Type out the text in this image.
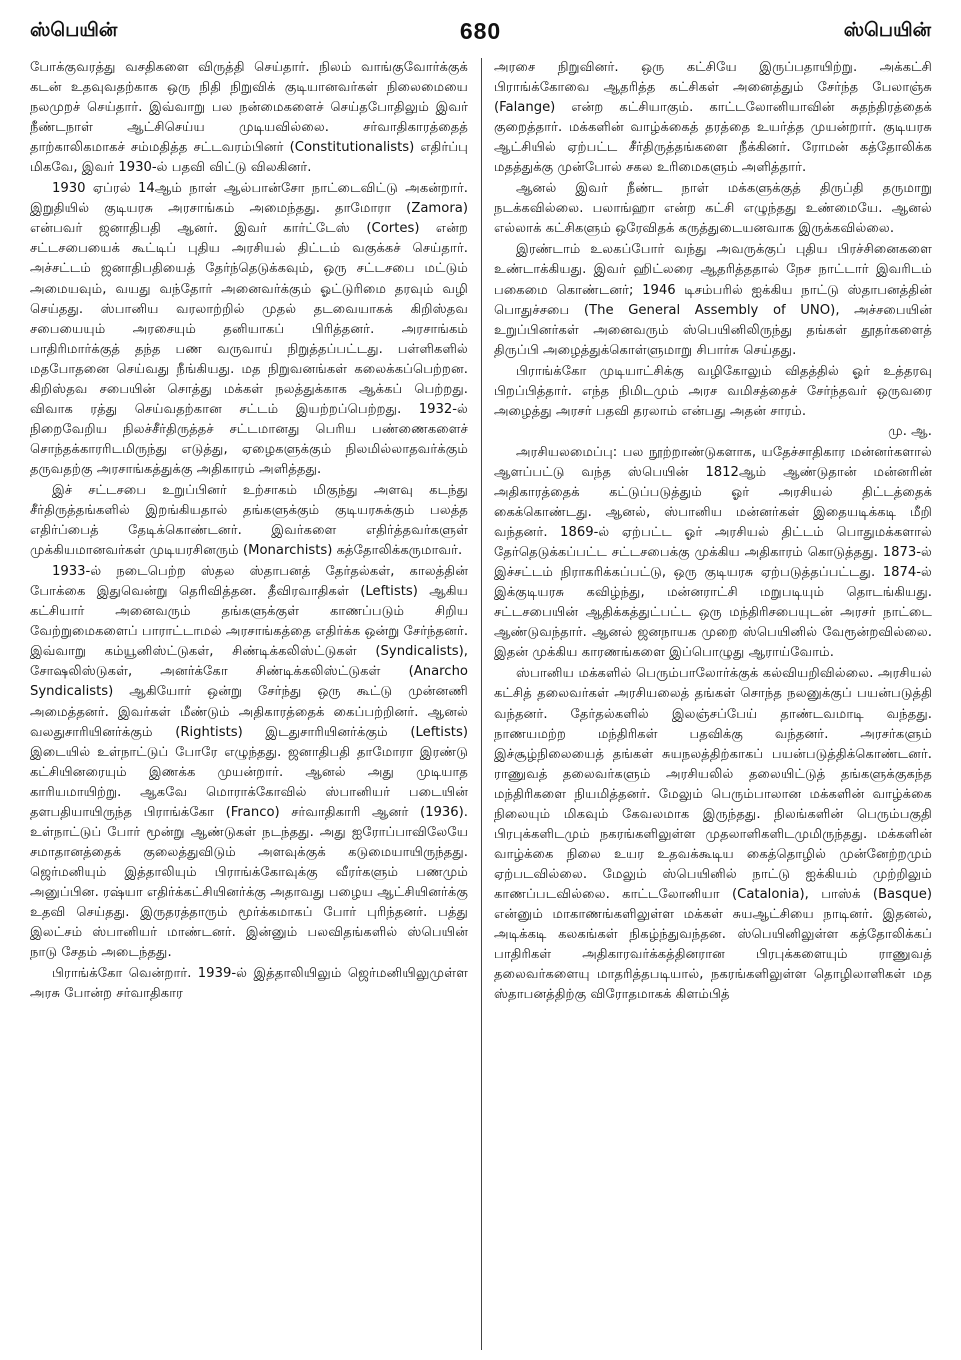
ஸ்பெயின்	680	ஸ்பெயின்

போக்குவரத்து வசதிகளை விருத்தி செய்தார். நிலம் வாங்குவோர்க்குக் கடன் உதவுவதற்காக ஒரு நிதி நிறுவிக் குடியானவர்கள் நிலைமையை நலமுறச் செய்தார். இவ்வாறு பல நன்மைகளைச் செய்தபோதிலும் இவர் நீண்டநாள் ஆட்சிசெய்ய முடியவில்லை. சர்வாதிகாரத்தைத் தாற்காலிகமாகச் சம்மதித்த சட்டவரம்பினர் (Constitutionalists) எதிர்ப்பு மிகவே, இவர் 1930-ல் பதவி விட்டு விலகினர்.

1930 ஏப்ரல் 14ஆம் நாள் ஆல்பான்சோ நாட்டைவிட்டு அகன்றார். இறுதியில் குடியரசு அரசாங்கம் அமைந்தது. தாமோரா (Zamora) என்பவர் ஜனாதிபதி ஆனர். இவர் கார்ட்டேஸ் (Cortes) என்ற சட்டசபையைக் கூட்டிப் புதிய அரசியல் திட்டம் வகுக்கச் செய்தார். அச்சட்டம் ஜனாதிபதியைத் தேர்ந்தெடுக்கவும், ஒரு சட்டசபை மட்டும் அமையவும், வயது வந்தோர் அனைவர்க்கும் ஓட்டுரிமை தரவும் வழி செய்தது. ஸ்பானிய வரலாற்றில் முதல் தடவையாகக் கிறிஸ்தவ சபையையும் அரசையும் தனியாகப் பிரித்தனர். அரசாங்கம் பாதிரிமார்க்குத் தந்த பண வருவாய் நிறுத்தப்பட்டது. பள்ளிகளில் மதபோதனை செய்வது நீங்கியது. மத நிறுவனங்கள் கலைக்கப்பெற்றன. கிறிஸ்தவ சபையின் சொத்து மக்கள் நலத்துக்காக ஆக்கப் பெற்றது. விவாக ரத்து செய்வதற்கான சட்டம் இயற்றப்பெற்றது. 1932-ல் நிறைவேறிய நிலச்சீர்திருத்தச் சட்டமானது பெரிய பண்ணைகளைச் சொந்தக்காரரிடமிருந்து எடுத்து, ஏழைகளுக்கும் நிலமில்லாதவர்க்கும் தருவதற்கு அரசாங்கத்துக்கு அதிகாரம் அளித்தது.

இச் சட்டசபை உறுப்பினர் உற்சாகம் மிகுந்து அளவு கடந்து சீர்திருத்தங்களில் இறங்கியதால் தங்களுக்கும் குடியரசுக்கும் பலத்த எதிர்ப்பைத் தேடிக்கொண்டனர். இவர்களை எதிர்த்தவர்களுள் முக்கியமானவர்கள் முடியரசினரும் (Monarchists) கத்தோலிக்கருமாவர்.

1933-ல் நடைபெற்ற ஸ்தல ஸ்தாபனத் தேர்தல்கள், காலத்தின் போக்கை இதுவென்று தெரிவித்தன. தீவிரவாதிகள் (Leftists) ஆகிய கட்சியார் அனைவரும் தங்களுக்குள் காணப்படும் சிறிய வேற்றுமைகளைப் பாராட்டாமல் அரசாங்கத்தை எதிர்க்க ஒன்று சேர்ந்தனர். இவ்வாறு கம்யூனிஸ்ட்டுகள், சிண்டிக்கலிஸ்ட்டுகள் (Syndicalists), சோஷலிஸ்டுகள், அனர்க்கோ சிண்டிக்கலிஸ்ட்டுகள் (Anarcho Syndicalists) ஆகியோர் ஒன்று சேர்ந்து ஒரு கூட்டு முன்னணி அமைத்தனர். இவர்கள் மீண்டும் அதிகாரத்தைக் கைப்பற்றினர். ஆனல் வலதுசாரியினர்க்கும் (Rightists) இடதுசாரியினர்க்கும் (Leftists) இடையில் உள்நாட்டுப் போரே எழுந்தது. ஜனாதிபதி தாமோரா இரண்டு கட்சியினரையும் இணக்க முயன்றார். ஆனல் அது முடியாத காரியமாயிற்று. ஆகவே மொராக்கோவில் ஸ்பானியர் படையின் தளபதியாயிருந்த பிராங்க்கோ (Franco) சர்வாதிகாரி ஆனர் (1936). உள்நாட்டுப் போர் மூன்று ஆண்டுகள் நடந்தது. அது ஐரோப்பாவிலேயே சமாதானத்தைக் குலைத்துவிடும் அளவுக்குக் கடுமையாயிருந்தது. ஜெர்மனியும் இத்தாலியும் பிராங்க்கோவுக்கு வீரர்களும் பணமும் அனுப்பின. ரஷ்யா எதிர்க்கட்சியினர்க்கு அதாவது பழைய ஆட்சியினர்க்கு உதவி செய்தது. இருதரத்தாரும் மூர்க்கமாகப் போர் புரிந்தனர். பத்து இலட்சம் ஸ்பானியர் மாண்டனர். இன்னும் பலவிதங்களில் ஸ்பெயின் நாடு சேதம் அடைந்தது.

பிராங்க்கோ வென்றார். 1939-ல் இத்தாலியிலும் ஜெர்மனியிலுமுள்ள அரசு போன்ற சர்வாதிகார

அரசை நிறுவினர். ஒரு கட்சியே இருப்பதாயிற்று. அக்கட்சி பிராங்க்கோவை ஆதரித்த கட்சிகள் அனைத்தும் சேர்ந்த பேலாஞ்சு (Falange) என்ற கட்சியாகும். காட்டலோனியாவின் சுதந்திரத்தைக் குறைத்தார். மக்களின் வாழ்க்கைத் தரத்தை உயர்த்த முயன்றார். குடியரசு ஆட்சியில் ஏற்பட்ட சீர்திருத்தங்களை நீக்கினர். ரோமன் கத்தோலிக்க மதத்துக்கு முன்போல் சகல உரிமைகளும் அளித்தார்.

ஆனல் இவர் நீண்ட நாள் மக்களுக்குத் திருப்தி தருமாறு நடக்கவில்லை. பலாங்ஹா என்ற கட்சி எழுந்தது உண்மையே. ஆனல் எல்லாக் கட்சிகளும் ஒரேவிதக் கருத்துடையனவாக இருக்கவில்லை.

இரண்டாம் உலகப்போர் வந்து அவருக்குப் புதிய பிரச்சினைகளை உண்டாக்கியது. இவர் ஹிட்லரை ஆதரித்ததால் நேச நாட்டார் இவரிடம் பகைமை கொண்டனர்; 1946 டிசம்பரில் ஐக்கிய நாட்டு ஸ்தாபனத்தின் பொதுச்சபை (The General Assembly of UNO), அச்சபையின் உறுப்பினர்கள் அனைவரும் ஸ்பெயினிலிருந்து தங்கள் தூதர்களைத் திருப்பி அழைத்துக்கொள்ளுமாறு சிபார்சு செய்தது.

பிராங்க்கோ முடியாட்சிக்கு வழிகோலும் விதத்தில் ஓர் உத்தரவு பிறப்பித்தார். எந்த நிமிடமும் அரச வமிசத்தைச் சேர்ந்தவர் ஒருவரை அழைத்து அரசர் பதவி தரலாம் என்பது அதன் சாரம்.
மு. ஆ.

அரசியலமைப்பு: பல நூற்றாண்டுகளாக, யதேச்சாதிகார மன்னர்களால் ஆளப்பட்டு வந்த ஸ்பெயின் 1812ஆம் ஆண்டுதான் மன்னரின் அதிகாரத்தைக் கட்டுப்படுத்தும் ஓர் அரசியல் திட்டத்தைக் கைக்கொண்டது. ஆனல், ஸ்பானிய மன்னர்கள் இதையடிக்கடி மீறி வந்தனர். 1869-ல் ஏற்பட்ட ஓர் அரசியல் திட்டம் பொதுமக்களால் தேர்தெடுக்கப்பட்ட சட்டசபைக்கு முக்கிய அதிகாரம் கொடுத்தது. 1873-ல் இச்சட்டம் நிராகரிக்கப்பட்டு, ஒரு குடியரசு ஏற்படுத்தப்பட்டது. 1874-ல் இக்குடியரசு கவிழ்ந்து, மன்னராட்சி மறுபடியும் தொடங்கியது. சட்டசபையின் ஆதிக்கத்துட்பட்ட ஒரு மந்திரிசபையுடன் அரசர் நாட்டை ஆண்டுவந்தார். ஆனல் ஜனநாயக முறை ஸ்பெயினில் வேரூன்றவில்லை. இதன் முக்கிய காரணங்களை இப்பொழுது ஆராய்வோம்.

ஸ்பானிய மக்களில் பெரும்பாலோர்க்குக் கல்வியறிவில்லை. அரசியல் கட்சித் தலைவர்கள் அரசியலைத் தங்கள் சொந்த நலனுக்குப் பயன்படுத்தி வந்தனர். தேர்தல்களில் இலஞ்சப்பேய் தாண்டவமாடி வந்தது. நாணயமற்ற மந்திரிகள் பதவிக்கு வந்தனர். அரசர்களும் இச்சூழ்நிலையைத் தங்கள் சுயநலத்திற்காகப் பயன்படுத்திக்கொண்டனர். ராணுவத் தலைவர்களும் அரசியலில் தலையிட்டுத் தங்களுக்குகந்த மந்திரிகளை நியமித்தனர். மேலும் பெரும்பாலான மக்களின் வாழ்க்கை நிலையும் மிகவும் கேவலமாக இருந்தது. நிலங்களின் பெரும்பகுதி பிரபுக்களிடமும் நகரங்களிலுள்ள முதலாளிகளிடமுமிருந்தது. மக்களின் வாழ்க்கை நிலை உயர உதவக்கூடிய கைத்தொழில் முன்னேற்றமும் ஏற்படவில்லை. மேலும் ஸ்பெயினில் நாட்டு ஐக்கியம் முற்றிலும் காணப்படவில்லை. காட்டலோனியா (Catalonia), பாஸ்க் (Basque) என்னும் மாகாணங்களிலுள்ள மக்கள் சுயஆட்சியை நாடினர். இதனல், அடிக்கடி கலகங்கள் நிகழ்ந்துவந்தன. ஸ்பெயினிலுள்ள கத்தோலிக்கப் பாதிரிகள் அதிகாரவர்க்கத்தினரான பிரபுக்களையும் ராணுவத் தலைவர்களையு மாதரித்தபடியால், நகரங்களிலுள்ள தொழிலாளிகள் மத ஸ்தாபனத்திற்கு விரோதமாகக் கிளம்பித்
